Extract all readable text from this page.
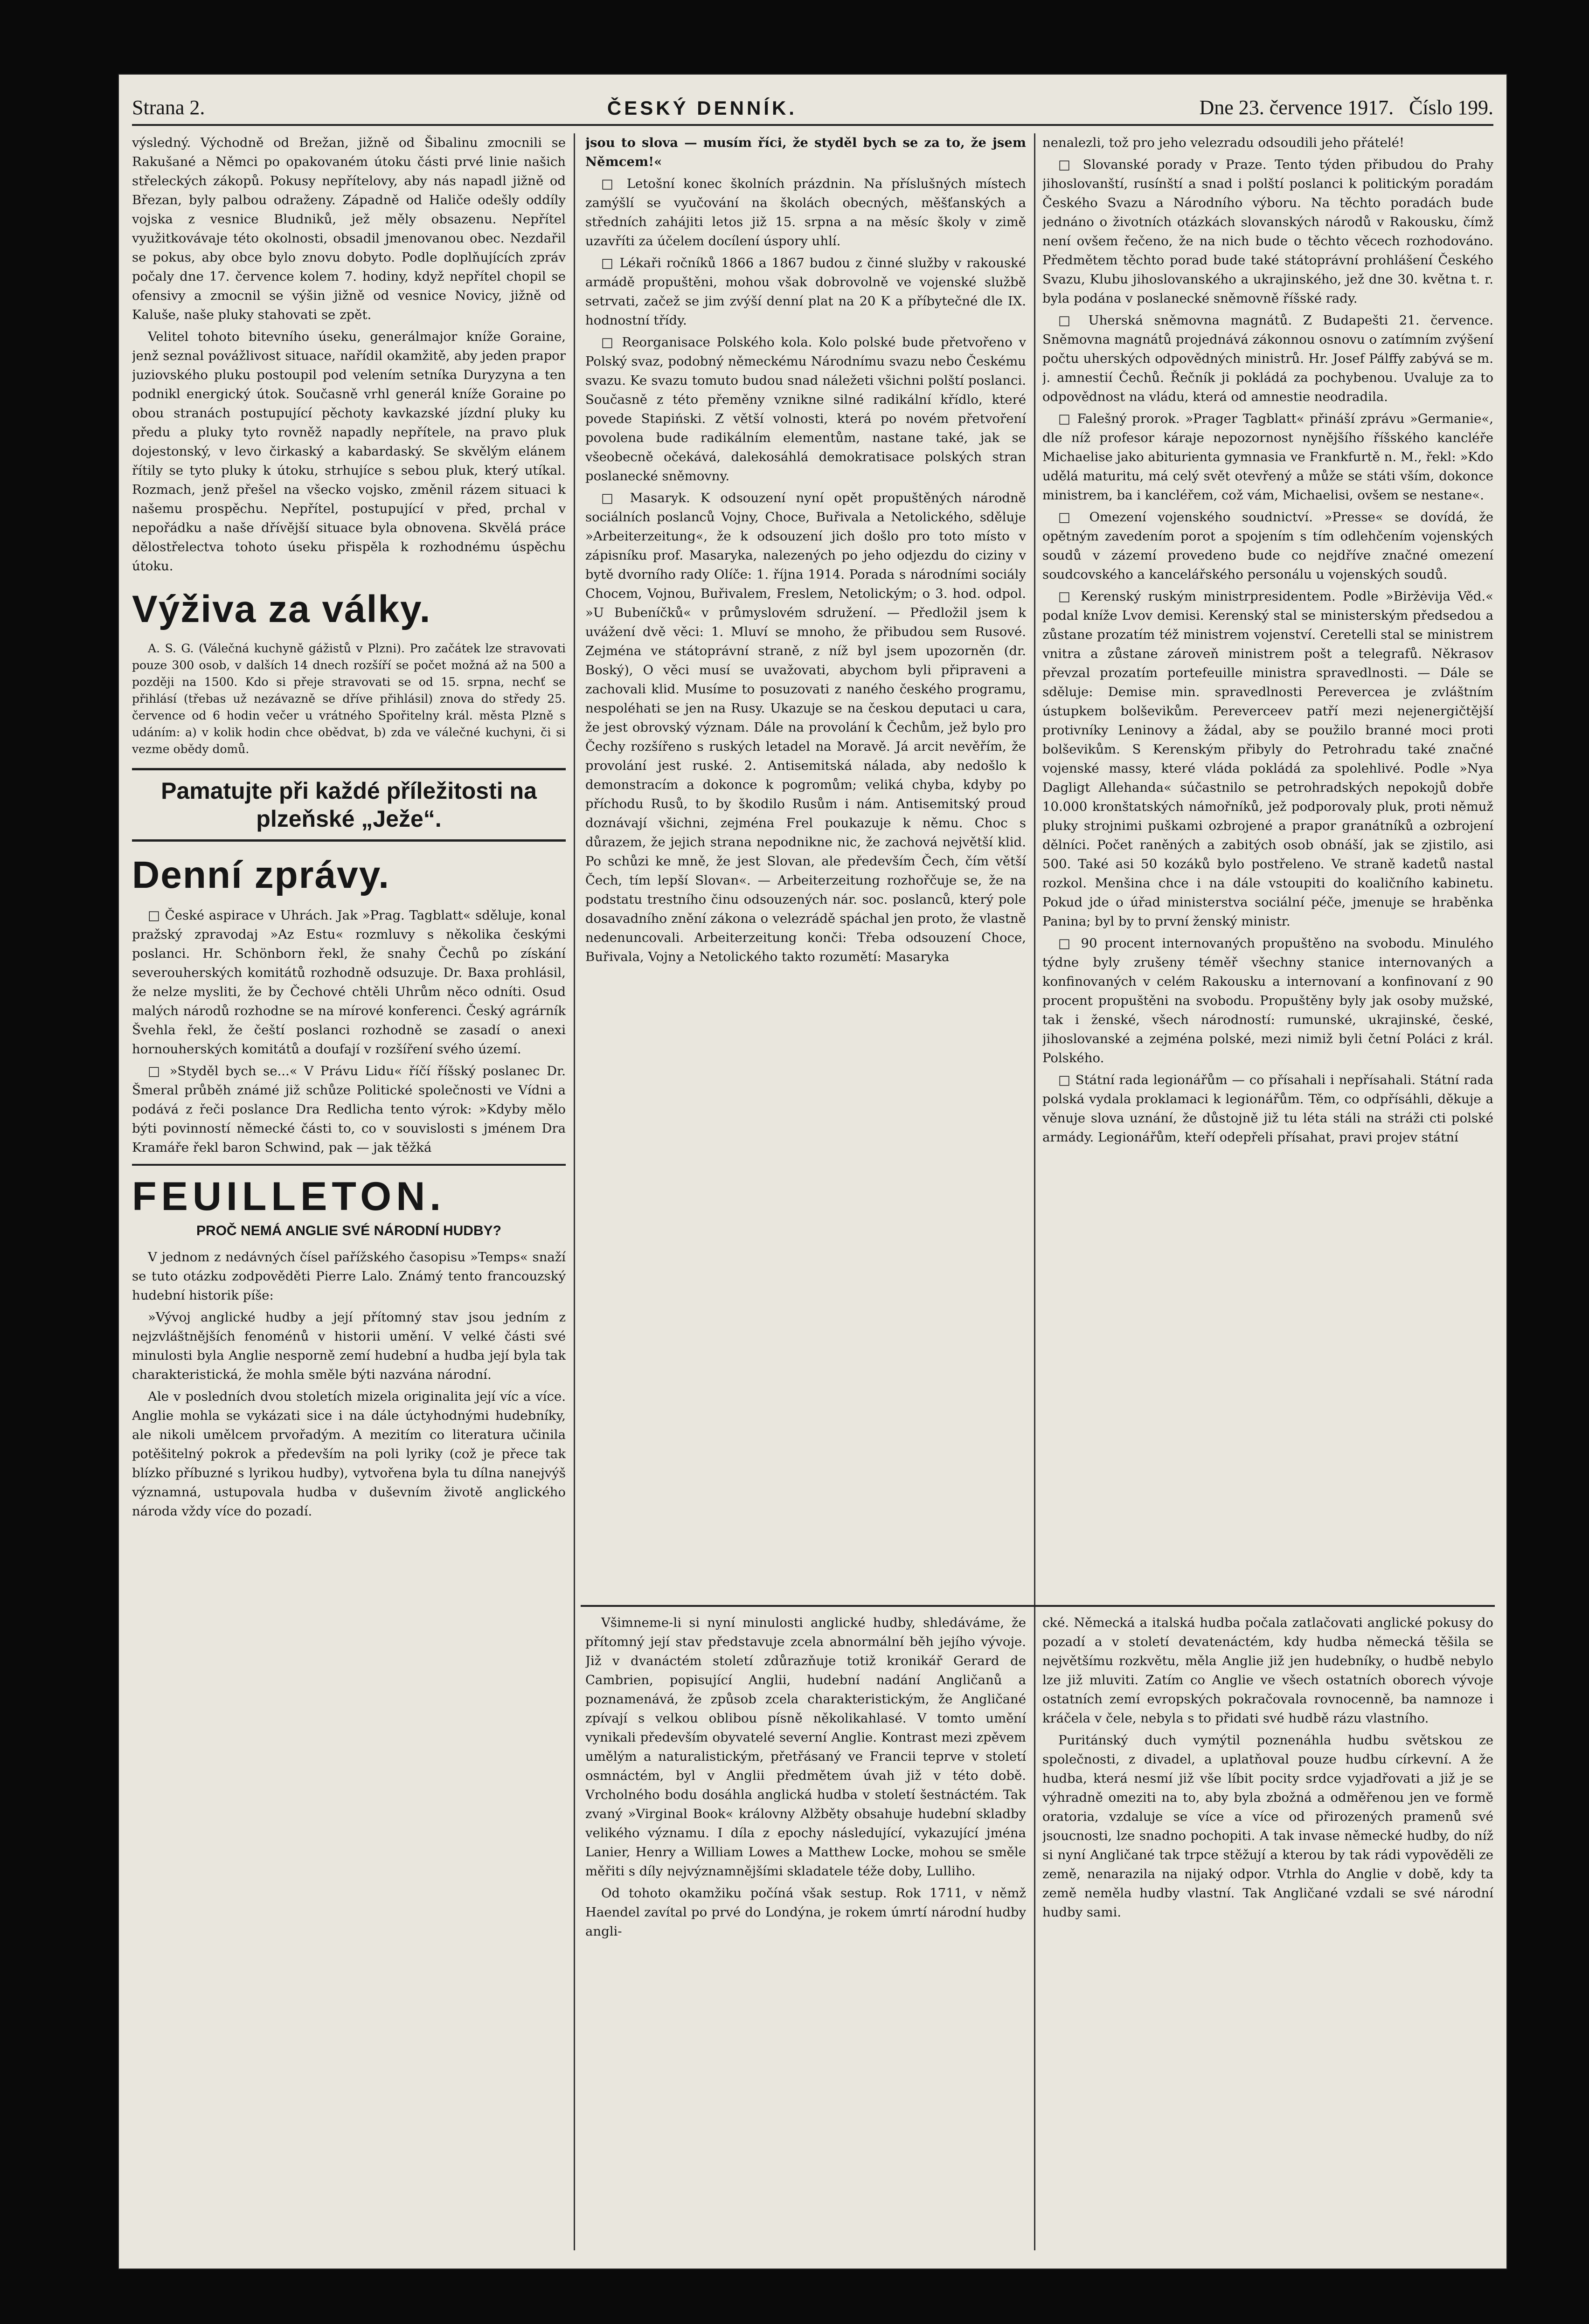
Strana 2.	ČESKÝ DENNÍK.	Dne 23. července 1917. Číslo 199.

výsledný. Východně od Brežan, jižně od Šibalinu zmocnili se Rakušané a Němci po opakovaném útoku části prvé linie našich střeleckých zákopů. Pokusy nepřítelovy, aby nás napadl jižně od Březan, byly palbou odraženy. Západně od Haliče odešly oddíly vojska z vesnice Bludniků, jež měly obsazenu. Nepřítel využitkovávaje této okolnosti, obsadil jmenovanou obec. Nezdařil se pokus, aby obce bylo znovu dobyto. Podle doplňujících zpráv počaly dne 17. července kolem 7. hodiny, když nepřítel chopil se ofensivy a zmocnil se výšin jižně od vesnice Novicy, jižně od Kaluše, naše pluky stahovati se zpět.

Velitel tohoto bitevního úseku, generálmajor kníže Goraine, jenž seznal povážlivost situace, nařídil okamžitě, aby jeden prapor juziovského pluku postoupil pod velením setníka Duryzyna a ten podnikl energický útok. Současně vrhl generál kníže Goraine po obou stranách postupující pěchoty kavkazské jízdní pluky ku předu a pluky tyto rovněž napadly nepřítele, na pravo pluk dojestonský, v levo čirkaský a kabardaský. Se skvělým elánem řítily se tyto pluky k útoku, strhujíce s sebou pluk, který utíkal. Rozmach, jenž přešel na všecko vojsko, změnil rázem situaci k našemu prospěchu. Nepřítel, postupující v před, prchal v nepořádku a naše dřívější situace byla obnovena. Skvělá práce dělostřelectva tohoto úseku přispěla k rozhodnému úspěchu útoku.

Výživa za války.

A. S. G. (Válečná kuchyně gážistů v Plzni). Pro začátek lze stravovati pouze 300 osob, v dalších 14 dnech rozšíří se počet možná až na 500 a později na 1500. Kdo si přeje stravovati se od 15. srpna, nechť se přihlásí (třebas už nezávazně se dříve přihlásil) znova do středy 25. července od 6 hodin večer u vrátného Spořitelny král. města Plzně s udáním: a) v kolik hodin chce obědvat, b) zda ve válečné kuchyni, či si vezme obědy domů.

Pamatujte při každé příležitosti na plzeňské „Ježe“.
Denní zprávy.

□ České aspirace v Uhrách. Jak »Prag. Tagblatt« sděluje, konal pražský zpravodaj »Az Estu« rozmluvy s několika českými poslanci. Hr. Schönborn řekl, že snahy Čechů po získání severouherských komitátů rozhodně odsuzuje. Dr. Baxa prohlásil, že nelze mysliti, že by Čechové chtěli Uhrům něco odníti. Osud malých národů rozhodne se na mírové konferenci. Český agrárník Švehla řekl, že čeští poslanci rozhodně se zasadí o anexi hornouherských komitátů a doufají v rozšíření svého území.

□ »Styděl bych se...« V Právu Lidu« říčí říšský poslanec Dr. Šmeral průběh známé již schůze Politické společnosti ve Vídni a podává z řeči poslance Dra Redlicha tento výrok: »Kdyby mělo býti povinností německé části to, co v souvislosti s jménem Dra Kramáře řekl baron Schwind, pak — jak těžká

FEUILLETON.
PROČ NEMÁ ANGLIE SVÉ NÁRODNÍ HUDBY?

V jednom z nedávných čísel pařížského časopisu »Temps« snaží se tuto otázku zodpověděti Pierre Lalo. Známý tento francouzský hudební historik píše:

»Vývoj anglické hudby a její přítomný stav jsou jedním z nejzvláštnějších fenoménů v historii umění. V velké části své minulosti byla Anglie nesporně zemí hudební a hudba její byla tak charakteristická, že mohla směle býti nazvána národní.

Ale v posledních dvou stoletích mizela originalita její víc a více. Anglie mohla se vykázati sice i na dále úctyhodnými hudebníky, ale nikoli umělcem prvořadým. A mezitím co literatura učinila potěšitelný pokrok a především na poli lyriky (což je přece tak blízko příbuzné s lyrikou hudby), vytvořena byla tu dílna nanejvýš významná, ustupovala hudba v duševním životě anglického národa vždy více do pozadí.

jsou to slova — musím říci, že styděl bych se za to, že jsem Němcem!«

□ Letošní konec školních prázdnin. Na příslušných místech zamýšlí se vyučování na školách obecných, měšťanských a středních zahájiti letos již 15. srpna a na měsíc školy v zimě uzavříti za účelem docílení úspory uhlí.

□ Lékaři ročníků 1866 a 1867 budou z činné služby v rakouské armádě propuštěni, mohou však dobrovolně ve vojenské službě setrvati, začež se jim zvýší denní plat na 20 K a příbytečné dle IX. hodnostní třídy.

□ Reorganisace Polského kola. Kolo polské bude přetvořeno v Polský svaz, podobný německému Národnímu svazu nebo Českému svazu. Ke svazu tomuto budou snad náležeti všichni polští poslanci. Současně z této přeměny vznikne silné radikální křídlo, které povede Stapiński. Z větší volnosti, která po novém přetvoření povolena bude radikálním elementům, nastane také, jak se všeobecně očekává, dalekosáhlá demokratisace polských stran poslanecké sněmovny.

□ Masaryk. K odsouzení nyní opět propuštěných národně sociálních poslanců Vojny, Choce, Buřivala a Netolického, sděluje »Arbeiterzeitung«, že k odsouzení jich došlo pro toto místo v zápisníku prof. Masaryka, nalezených po jeho odjezdu do ciziny v bytě dvorního rady Olíče: 1. října 1914. Porada s národními sociály Chocem, Vojnou, Buřivalem, Freslem, Netolickým; o 3. hod. odpol. »U Bubeníčků« v průmyslovém sdružení. — Předložil jsem k uvážení dvě věci: 1. Mluví se mnoho, že přibudou sem Rusové. Zejména ve státoprávní straně, z níž byl jsem upozorněn (dr. Boský), O věci musí se uvažovati, abychom byli připraveni a zachovali klid. Musíme to posuzovati z naného českého programu, nespoléhati se jen na Rusy. Ukazuje se na českou deputaci u cara, že jest obrovský význam. Dále na provolání k Čechům, jež bylo pro Čechy rozšířeno s ruských letadel na Moravě. Já arcit nevěřím, že provolání jest ruské. 2. Antisemitská nálada, aby nedošlo k demonstracím a dokonce k pogromům; veliká chyba, kdyby po příchodu Rusů, to by škodilo Rusům i nám. Antisemitský proud doznávají všichni, zejména Frel poukazuje k němu. Choc s důrazem, že jejich strana nepodnikne nic, že zachová největší klid. Po schůzi ke mně, že jest Slovan, ale především Čech, čím větší Čech, tím lepší Slovan«. — Arbeiterzeitung rozhořčuje se, že na podstatu trestního činu odsouzených nár. soc. poslanců, který pole dosavadního znění zákona o velezrádě spáchal jen proto, že vlastně nedenuncovali. Arbeiterzeitung konči: Třeba odsouzení Choce, Buřivala, Vojny a Netolického takto rozumětí: Masaryka

nenalezli, tož pro jeho velezradu odsoudili jeho přátelé!

□ Slovanské porady v Praze. Tento týden přibudou do Prahy jihoslovanští, rusínští a snad i polští poslanci k politickým poradám Českého Svazu a Národního výboru. Na těchto poradách bude jednáno o životních otázkách slovanských národů v Rakousku, čímž není ovšem řečeno, že na nich bude o těchto věcech rozhodováno. Předmětem těchto porad bude také státoprávní prohlášení Českého Svazu, Klubu jihoslovanského a ukrajinského, jež dne 30. května t. r. byla podána v poslanecké sněmovně říšské rady.

□ Uherská sněmovna magnátů. Z Budapešti 21. července. Sněmovna magnátů projednává zákonnou osnovu o zatímním zvýšení počtu uherských odpovědných ministrů. Hr. Josef Pálffy zabývá se m. j. amnestií Čechů. Řečník ji pokládá za pochybenou. Uvaluje za to odpovědnost na vládu, která od amnestie neodradila.

□ Falešný prorok. »Prager Tagblatt« přináší zprávu »Germanie«, dle níž profesor káraje nepozornost nynějšího říšského kancléře Michaelise jako abiturienta gymnasia ve Frankfurtě n. M., řekl: »Kdo udělá maturitu, má celý svět otevřený a může se státi vším, dokonce ministrem, ba i kancléřem, což vám, Michaelisi, ovšem se nestane«.

□ Omezení vojenského soudnictví. »Presse« se dovídá, že opětným zavedením porot a spojením s tím odlehčením vojenských soudů v zázemí provedeno bude co nejdříve značné omezení soudcovského a kancelářského personálu u vojenských soudů.

□ Kerenský ruským ministrpresidentem. Podle »Biržėvija Věd.« podal kníže Lvov demisi. Kerenský stal se ministerským předsedou a zůstane prozatím též ministrem vojenství. Ceretelli stal se ministrem vnitra a zůstane zároveň ministrem pošt a telegrafů. Někrasov převzal prozatím portefeuille ministra spravedlnosti. — Dále se sděluje: Demise min. spravedlnosti Perevercea je zvláštním ústupkem bolševikům. Pereverceev patří mezi nejenergičtější protivníky Leninovy a žádal, aby se použilo branné moci proti bolševikům. S Kerenským přibyly do Petrohradu také značné vojenské massy, které vláda pokládá za spolehlivé. Podle »Nya Dagligt Allehanda« súčastnilo se petrohradských nepokojů dobře 10.000 kronštatských námořníků, jež podporovaly pluk, proti němuž pluky strojnimi puškami ozbrojené a prapor granátníků a ozbrojení dělníci. Počet raněných a zabitých osob obnáší, jak se zjistilo, asi 500. Také asi 50 kozáků bylo postřeleno. Ve straně kadetů nastal rozkol. Menšina chce i na dále vstoupiti do koaličního kabinetu. Pokud jde o úřad ministerstva sociální péče, jmenuje se hraběnka Panina; byl by to první ženský ministr.

□ 90 procent internovaných propuštěno na svobodu. Minulého týdne byly zrušeny téměř všechny stanice internovaných a konfinovaných v celém Rakousku a internovaní a konfinovaní z 90 procent propuštěni na svobodu. Propuštěny byly jak osoby mužské, tak i ženské, všech národností: rumunské, ukrajinské, české, jihoslovanské a zejména polské, mezi nimiž byli četní Poláci z král. Polského.

□ Státní rada legionářům — co přísahali i nepřísahali. Státní rada polská vydala proklamaci k legionářům. Těm, co odpřísáhli, děkuje a věnuje slova uznání, že důstojně již tu léta stáli na stráži cti polské armády. Legionářům, kteří odepřeli přísahat, pravi projev státní

Všimneme-li si nyní minulosti anglické hudby, shledáváme, že přítomný její stav představuje zcela abnormální běh jejího vývoje. Již v dvanáctém století zdůrazňuje totiž kronikář Gerard de Cambrien, popisující Anglii, hudební nadání Angličanů a poznamenává, že způsob zcela charakteristickým, že Angličané zpívají s velkou oblibou písně několikahlasé. V tomto umění vynikali především obyvatelé severní Anglie. Kontrast mezi zpěvem umělým a naturalistickým, přetřásaný ve Francii teprve v století osmnáctém, byl v Anglii předmětem úvah již v této době. Vrcholného bodu dosáhla anglická hudba v století šestnáctém. Tak zvaný »Virginal Book« královny Alžběty obsahuje hudební skladby velikého významu. I díla z epochy následující, vykazující jména Lanier, Henry a William Lowes a Matthew Locke, mohou se směle měřiti s díly nejvýznamnějšími skladatele téže doby, Lulliho.

Od tohoto okamžiku počíná však sestup. Rok 1711, v němž Haendel zavítal po prvé do Londýna, je rokem úmrtí národní hudby angli-

cké. Německá a italská hudba počala zatlačovati anglické pokusy do pozadí a v století devatenáctém, kdy hudba německá těšila se největšímu rozkvětu, měla Anglie již jen hudebníky, o hudbě nebylo lze již mluviti. Zatím co Anglie ve všech ostatních oborech vývoje ostatních zemí evropských pokračovala rovnocenně, ba namnoze i kráčela v čele, nebyla s to přidati své hudbě rázu vlastního.

Puritánský duch vymýtil poznenáhla hudbu světskou ze společnosti, z divadel, a uplatňoval pouze hudbu církevní. A že hudba, která nesmí již vše líbit pocity srdce vyjadřovati a již je se výhradně omeziti na to, aby byla zbožná a odměřenou jen ve formě oratoria, vzdaluje se více a více od přirozených pramenů své jsoucnosti, lze snadno pochopiti. A tak invase německé hudby, do níž si nyní Angličané tak trpce stěžují a kterou by tak rádi vypověděli ze země, nenarazila na nijaký odpor. Vtrhla do Anglie v době, kdy ta země neměla hudby vlastní. Tak Angličané vzdali se své národní hudby sami.
